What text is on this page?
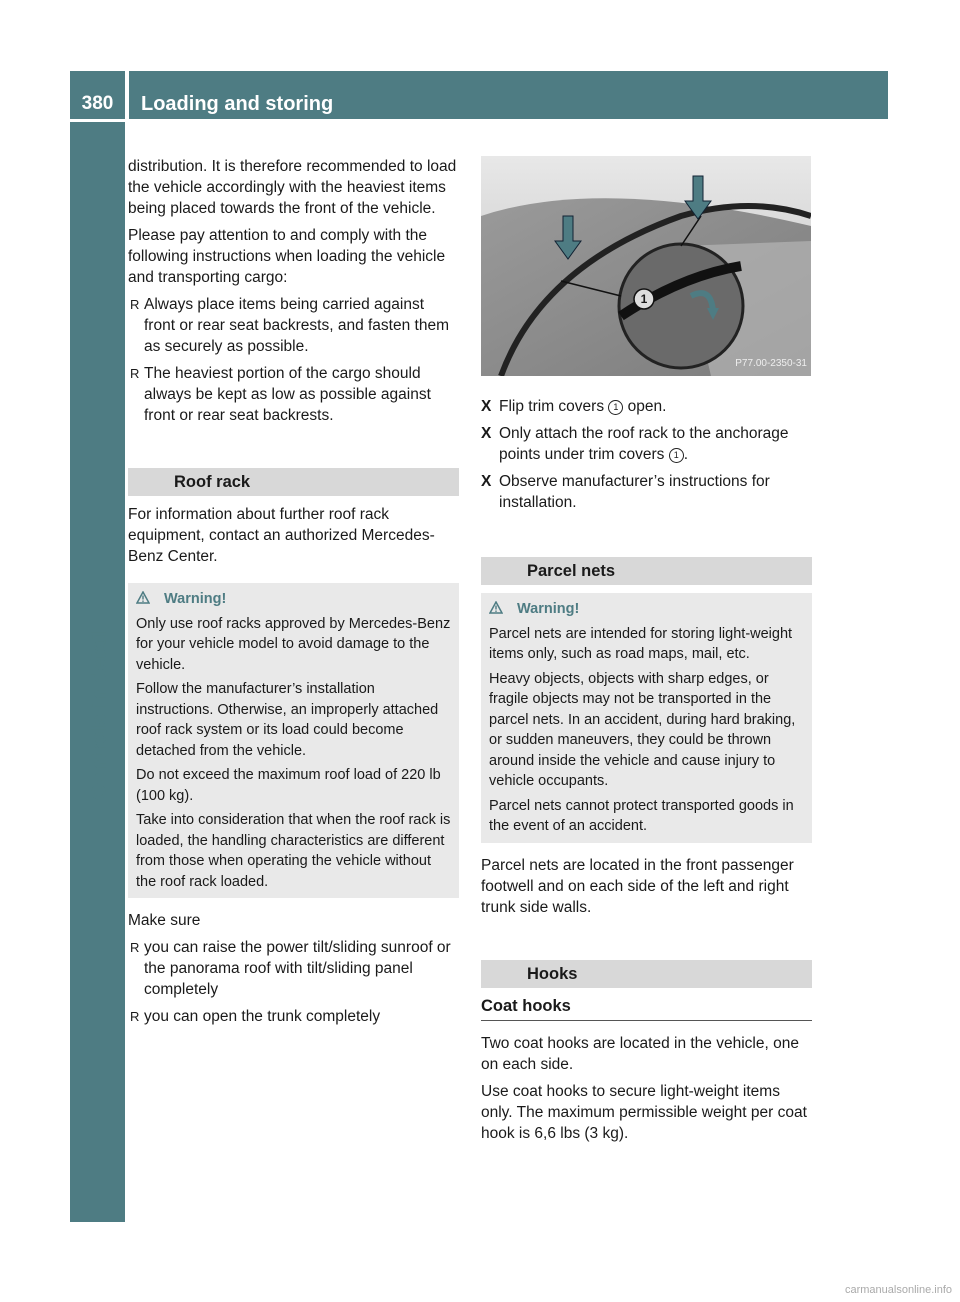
380	Loading and storing
Controls in detail

distribution. It is therefore recommended to load the vehicle accordingly with the heaviest items being placed towards the front of the vehicle.

Please pay attention to and comply with the following instructions when loading the vehicle and transporting cargo:

R Always place items being carried against front or rear seat backrests, and fasten them as securely as possible.
R The heaviest portion of the cargo should always be kept as low as possible against front or rear seat backrests.
Roof rack

For information about further roof rack equipment, contact an authorized Mercedes-Benz Center.

Warning!

Only use roof racks approved by Mercedes-Benz for your vehicle model to avoid damage to the vehicle.

Follow the manufacturer’s installation instructions. Otherwise, an improperly attached roof rack system or its load could become detached from the vehicle.

Do not exceed the maximum roof load of 220 lb (100 kg).

Take into consideration that when the roof rack is loaded, the handling characteristics are different from those when operating the vehicle without the roof rack loaded.

Make sure

R you can raise the power tilt/sliding sunroof or the panorama roof with tilt/sliding panel completely
R you can open the trunk completely
1
P77.00-2350-31
X Flip trim covers 1 open.
X Only attach the roof rack to the anchorage points under trim covers 1 .
X Observe manufacturer’s instructions for installation.
Parcel nets
Warning!

Parcel nets are intended for storing light-weight items only, such as road maps, mail, etc.

Heavy objects, objects with sharp edges, or fragile objects may not be transported in the parcel nets. In an accident, during hard braking, or sudden maneuvers, they could be thrown around inside the vehicle and cause injury to vehicle occupants.

Parcel nets cannot protect transported goods in the event of an accident.

Parcel nets are located in the front passenger footwell and on each side of the left and right trunk side walls.

Hooks
Coat hooks

Two coat hooks are located in the vehicle, one on each side.

Use coat hooks to secure light-weight items only. The maximum permissible weight per coat hook is 6,6 lbs (3 kg).

carmanualsonline.info
